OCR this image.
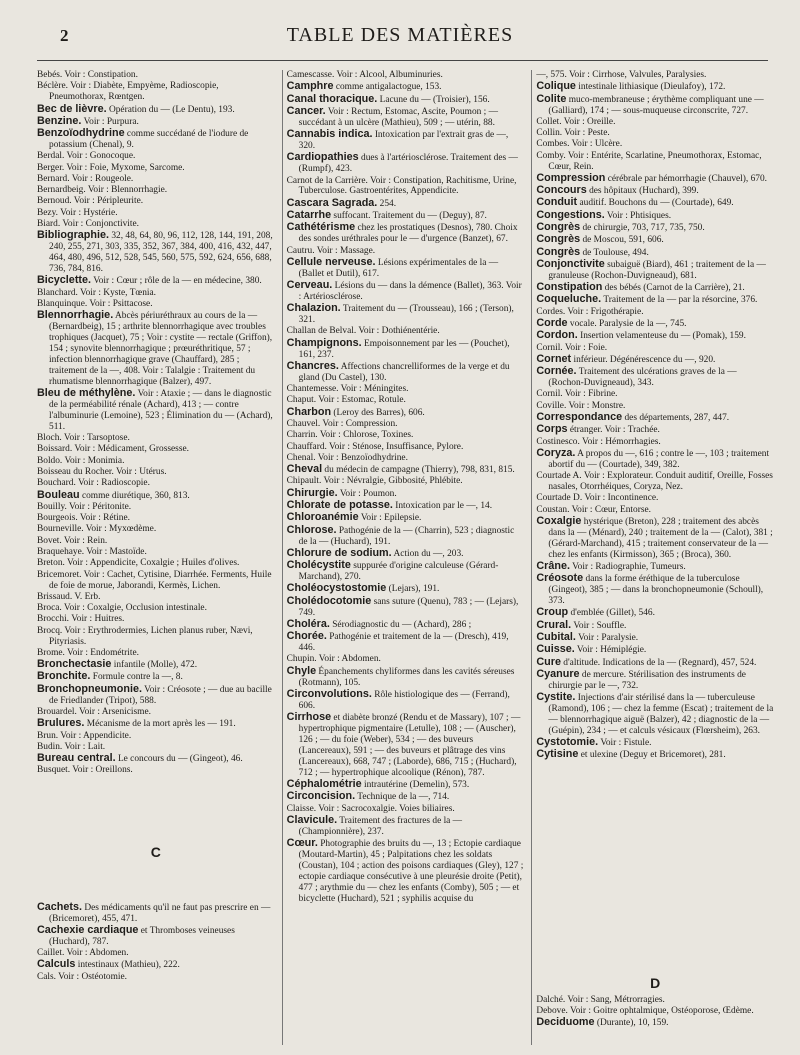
2	TABLE DES MATIÈRES
Bebés. Voir : Constipation.
Béclère. Voir : Diabète, Empyème, Radioscopie, Pneumothorax, Rœntgen.
Bec de lièvre. Opération du — (Le Dentu), 193.
Benzine. Voir : Purpura.
Benzoïodhydrine comme succédané de l'iodure de potassium (Chenal), 9.
Berdal. Voir : Gonocoque.
Berger. Voir : Foie, Myxome, Sarcome.
Bernard. Voir : Rougeole.
Bernardbeig. Voir : Blennorrhagie.
Bernoud. Voir : Péripleurite.
Bezy. Voir : Hystérie.
Biard. Voir : Conjonctivite.
Bibliographie. 32, 48, 64, 80, 96, 112, 128, 144, 191, 208, 240, 255, 271, 303, 335, 352, 367, 384, 400, 416, 432, 447, 464, 480, 496, 512, 528, 545, 560, 575, 592, 624, 656, 688, 736, 784, 816.
Bicyclette. Voir : Cœur ; rôle de la — en médecine, 380.
Blanchard. Voir : Kyste, Tœnia.
Blanquinque. Voir : Psittacose.
Blennorrhagie. Abcès périuréthraux au cours de la — (Bernardbeig), 15 ; arthrite blennorrhagique avec troubles trophiques (Jacquet), 75 ; Voir : cystite — rectale (Griffon), 154 ; synovite blennorrhagique ; prœuréthritique, 57 ; infection blennorrhagique grave (Chauffard), 285 ; traitement de la —, 408. Voir : Talalgie : Traitement du rhumatisme blennorrhagique (Balzer), 497.
Bleu de méthylène. Voir : Ataxie ; — dans le diagnostic de la perméabilité rénale (Achard), 413 ; — contre l'albuminurie (Lemoine), 523 ; Élimination du — (Achard), 511.
Bloch. Voir : Tarsoptose.
Boissard. Voir : Médicament, Grossesse.
Boldo. Voir : Monimia.
Boisseau du Rocher. Voir : Utérus.
Bouchard. Voir : Radioscopie.
Bouleau comme diurétique, 360, 813.
Bouilly. Voir : Péritonite.
Bourgeois. Voir : Rétine.
Bourneville. Voir : Myxœdème.
Bovet. Voir : Rein.
Braquehaye. Voir : Mastoïde.
Breton. Voir : Appendicite, Coxalgie ; Huiles d'olives.
Bricemoret. Voir : Cachet, Cytisine, Diarrhée. Ferments, Huile de foie de morue, Jaborandi, Kermès, Lichen.
Brissaud. V. Erb.
Broca. Voir : Coxalgie, Occlusion intestinale.
Brocchi. Voir : Huitres.
Brocq. Voir : Erythrodermies, Lichen planus ruber, Nævi, Pityriasis.
Brome. Voir : Endométrite.
Bronchectasie infantile (Molle), 472.
Bronchite. Formule contre la —, 8.
Bronchopneumonie. Voir : Créosote ; — due au bacille de Friedlander (Tripot), 588.
Brouardel. Voir : Arsenicisme.
Brulures. Mécanisme de la mort après les — 191.
Brun. Voir : Appendicite.
Budin. Voir : Lait.
Bureau central. Le concours du — (Gingeot), 46.
Busquet. Voir : Oreillons.
C
Cachets. Des médicaments qu'il ne faut pas prescrire en — (Bricemoret), 455, 471.
Cachexie cardiaque et Thromboses veineuses (Huchard), 787.
Caillet. Voir : Abdomen.
Calculs intestinaux (Mathieu), 222.
Cals. Voir : Ostéotomie.
Camescasse. Voir : Alcool, Albuminuries.
Camphre comme antigalactogue, 153.
Canal thoracique. Lacune du — (Troisier), 156.
Cancer. Voir : Rectum, Estomac, Ascite, Poumon ; — succédant à un ulcère (Mathieu), 509 ; — utérin, 88.
Cannabis indica. Intoxication par l'extrait gras de —, 320.
Cardiopathies dues à l'artériosclérose. Traitement des — (Rumpf), 423.
Carnot de la Carrière. Voir : Constipation, Rachitisme, Urine, Tuberculose. Gastroentérites, Appendicite.
Cascara Sagrada. 254.
Catarrhe suffocant. Traitement du — (Deguy), 87.
Cathétérisme chez les prostatiques (Desnos), 780. Choix des sondes uréthrales pour le — d'urgence (Banzet), 67.
Cautru. Voir : Massage.
Cellule nerveuse. Lésions expérimentales de la — (Ballet et Dutil), 617.
Cerveau. Lésions du — dans la démence (Ballet), 363. Voir : Artériosclérose.
Chalazion. Traitement du — (Trousseau), 166 ; (Terson), 321.
Challan de Belval. Voir : Dothiénentérie.
Champignons. Empoisonnement par les — (Pouchet), 161, 237.
Chancres. Affections chancrelliformes de la verge et du gland (Du Castel), 130.
Chantemesse. Voir : Méningites.
Chaput. Voir : Estomac, Rotule.
Charbon (Leroy des Barres), 606.
Chauvel. Voir : Compression.
Charrin. Voir : Chlorose, Toxines.
Chauffard. Voir : Sténose, Insuffisance, Pylore.
Chenal. Voir : Benzoïodhydrine.
Cheval du médecin de campagne (Thierry), 798, 831, 815.
Chipault. Voir : Névralgie, Gibbosité, Phlébite.
Chirurgie. Voir : Poumon.
Chlorate de potasse. Intoxication par le —, 14.
Chloroanémie Voir : Epilepsie.
Chlorose. Pathogénie de la — (Charrin), 523 ; diagnostic de la — (Huchard), 191.
Chlorure de sodium. Action du —, 203.
Cholécystite suppurée d'origine calculeuse (Gérard-Marchand), 270.
Choléocystostomie (Lejars), 191.
Cholédocotomie sans suture (Quenu), 783 ; — (Lejars), 749.
Choléra. Sérodiagnostic du — (Achard), 286 ;
Chorée. Pathogénie et traitement de la — (Dresch), 419, 446.
Chupin. Voir : Abdomen.
Chyle Épanchements chyliformes dans les cavités séreuses (Rotmann), 105.
Circonvolutions. Rôle histiologique des — (Ferrand), 606.
Cirrhose et diabète bronzé (Rendu et de Massary), 107 ; — hypertrophique pigmentaire (Letulle), 108 ; — (Auscher), 126 ; — du foie (Weber), 534 ; — des buveurs (Lancereaux), 591 ; — des buveurs et plâtrage des vins (Lancereaux), 668, 747 ; (Laborde), 686, 715 ; (Huchard), 712 ; — hypertrophique alcoolique (Rénon), 787.
Céphalométrie intrautérine (Demelin), 573.
Circoncision. Technique de la —, 714.
Claisse. Voir : Sacrocoxalgie. Voies biliaires.
Clavicule. Traitement des fractures de la — (Championnière), 237.
Cœur. Photographie des bruits du —, 13 ; Ectopie cardiaque (Moutard-Martin), 45 ; Palpitations chez les soldats (Coustan), 104 ; action des poisons cardiaques (Gley), 127 ; ectopie cardiaque consécutive à une pleurésie droite (Petit), 477 ; arythmie du — chez les enfants (Comby), 505 ; — et bicyclette (Huchard), 521 ; syphilis acquise du
—, 575. Voir : Cirrhose, Valvules, Paralysies.
Colique intestinale lithiasique (Dieulafoy), 172.
Colite muco-membraneuse ; érythème compliquant une — (Galliard), 174 ; — sous-muqueuse circonscrite, 727.
Collet. Voir : Oreille.
Collin. Voir : Peste.
Combes. Voir : Ulcère.
Comby. Voir : Entérite, Scarlatine, Pneumothorax, Estomac, Cœur, Rein.
Compression cérébrale par hémorrhagie (Chauvel), 670.
Concours des hôpitaux (Huchard), 399.
Conduit auditif. Bouchons du — (Courtade), 649.
Congestions. Voir : Phtisiques.
Congrès de chirurgie, 703, 717, 735, 750.
Congrès de Moscou, 591, 606.
Congrès de Toulouse, 494.
Conjonctivite subaiguë (Biard), 461 ; traitement de la — granuleuse (Rochon-Duvigneaud), 681.
Constipation des bébés (Carnot de la Carrière), 21.
Coqueluche. Traitement de la — par la résorcine, 376.
Cordes. Voir : Frigothérapie.
Corde vocale. Paralysie de la —, 745.
Cordon. Insertion velamenteuse du — (Pomak), 159.
Cornil. Voir : Foie.
Cornet inférieur. Dégénérescence du —, 920.
Cornée. Traitement des ulcérations graves de la — (Rochon-Duvigneaud), 343.
Cornil. Voir : Fibrine.
Coville. Voir : Monstre.
Correspondance des départements, 287, 447.
Corps étranger. Voir : Trachée.
Costinesco. Voir : Hémorrhagies.
Coryza. A propos du —, 616 ; contre le —, 103 ; traitement abortif du — (Courtade), 349, 382.
Courtade A. Voir : Explorateur. Conduit auditif, Oreille, Fosses nasales, Otorrhéiques, Coryza, Nez.
Courtade D. Voir : Incontinence.
Coustan. Voir : Cœur, Entorse.
Coxalgie hystérique (Breton), 228 ; traitement des abcès dans la — (Ménard), 240 ; traitement de la — (Calot), 381 ; (Gérard-Marchand), 415 ; traitement conservateur de la — chez les enfants (Kirmisson), 365 ; (Broca), 360.
Crâne. Voir : Radiographie, Tumeurs.
Créosote dans la forme éréthique de la tuberculose (Gingeot), 385 ; — dans la bronchopneumonie (Schoull), 373.
Croup d'emblée (Gillet), 546.
Crural. Voir : Souffle.
Cubital. Voir : Paralysie.
Cuisse. Voir : Hémiplégie.
Cure d'altitude. Indications de la — (Regnard), 457, 524.
Cyanure de mercure. Stérilisation des instruments de chirurgie par le —, 732.
Cystite. Injections d'air stérilisé dans la — tuberculeuse (Ramond), 106 ; — chez la femme (Escat) ; traitement de la — blennorrhagique aiguë (Balzer), 42 ; diagnostic de la — (Guépin), 234 ; — et calculs vésicaux (Flœrsheim), 263.
Cystotomie. Voir : Fistule.
Cytisine et ulexine (Deguy et Bricemoret), 281.
D
Dalché. Voir : Sang, Métrorragies.
Debove. Voir : Goitre ophtalmique, Ostéoporose, Œdème.
Deciduome (Durante), 10, 159.
